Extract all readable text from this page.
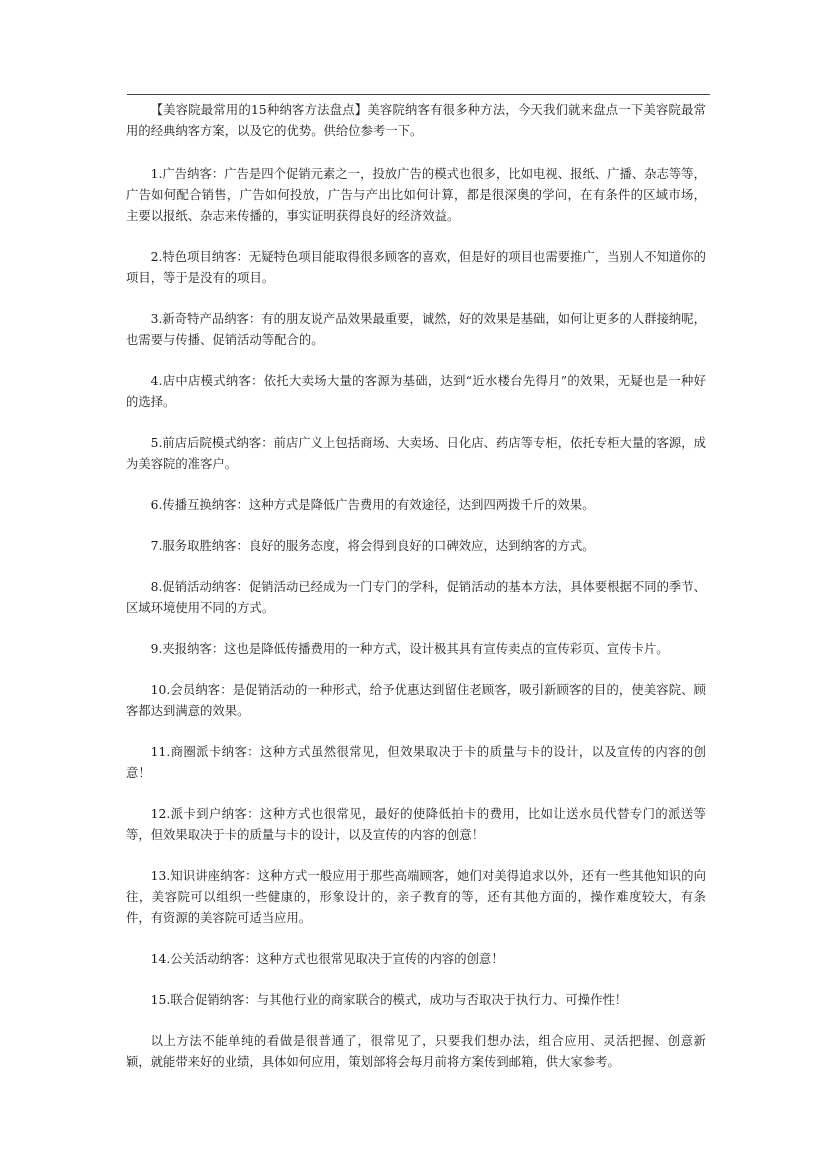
【美容院最常用的15种纳客方法盘点】美容院纳客有很多种方法，今天我们就来盘点一下美容院最常用的经典纳客方案，以及它的优势。供给位参考一下。

1.广告纳客：广告是四个促销元素之一，投放广告的模式也很多，比如电视、报纸、广播、杂志等等，广告如何配合销售，广告如何投放，广告与产出比如何计算，都是很深奥的学问，在有条件的区域市场，主要以报纸、杂志来传播的，事实证明获得良好的经济效益。

2.特色项目纳客：无疑特色项目能取得很多顾客的喜欢，但是好的项目也需要推广，当别人不知道你的项目，等于是没有的项目。

3.新奇特产品纳客：有的朋友说产品效果最重要，诚然，好的效果是基础，如何让更多的人群接纳呢，也需要与传播、促销活动等配合的。

4.店中店模式纳客：依托大卖场大量的客源为基础，达到“近水楼台先得月”的效果，无疑也是一种好的选择。

5.前店后院模式纳客：前店广义上包括商场、大卖场、日化店、药店等专柜，依托专柜大量的客源，成为美容院的准客户。

6.传播互换纳客：这种方式是降低广告费用的有效途径，达到四两拨千斤的效果。

7.服务取胜纳客：良好的服务态度，将会得到良好的口碑效应，达到纳客的方式。

8.促销活动纳客：促销活动已经成为一门专门的学科，促销活动的基本方法，具体要根据不同的季节、区域环境使用不同的方式。

9.夹报纳客：这也是降低传播费用的一种方式，设计极其具有宣传卖点的宣传彩页、宣传卡片。

10.会员纳客：是促销活动的一种形式，给予优惠达到留住老顾客，吸引新顾客的目的，使美容院、顾客都达到满意的效果。

11.商圈派卡纳客：这种方式虽然很常见，但效果取决于卡的质量与卡的设计，以及宣传的内容的创意！

12.派卡到户纳客：这种方式也很常见，最好的使降低拍卡的费用，比如让送水员代替专门的派送等等，但效果取决于卡的质量与卡的设计，以及宣传的内容的创意！

13.知识讲座纳客：这种方式一般应用于那些高端顾客，她们对美得追求以外，还有一些其他知识的向往，美容院可以组织一些健康的，形象设计的，亲子教育的等，还有其他方面的，操作难度较大，有条件，有资源的美容院可适当应用。

14.公关活动纳客：这种方式也很常见取决于宣传的内容的创意！

15.联合促销纳客：与其他行业的商家联合的模式，成功与否取决于执行力、可操作性！

以上方法不能单纯的看做是很普通了，很常见了，只要我们想办法，组合应用、灵活把握、创意新颖，就能带来好的业绩，具体如何应用，策划部将会每月前将方案传到邮箱，供大家参考。
